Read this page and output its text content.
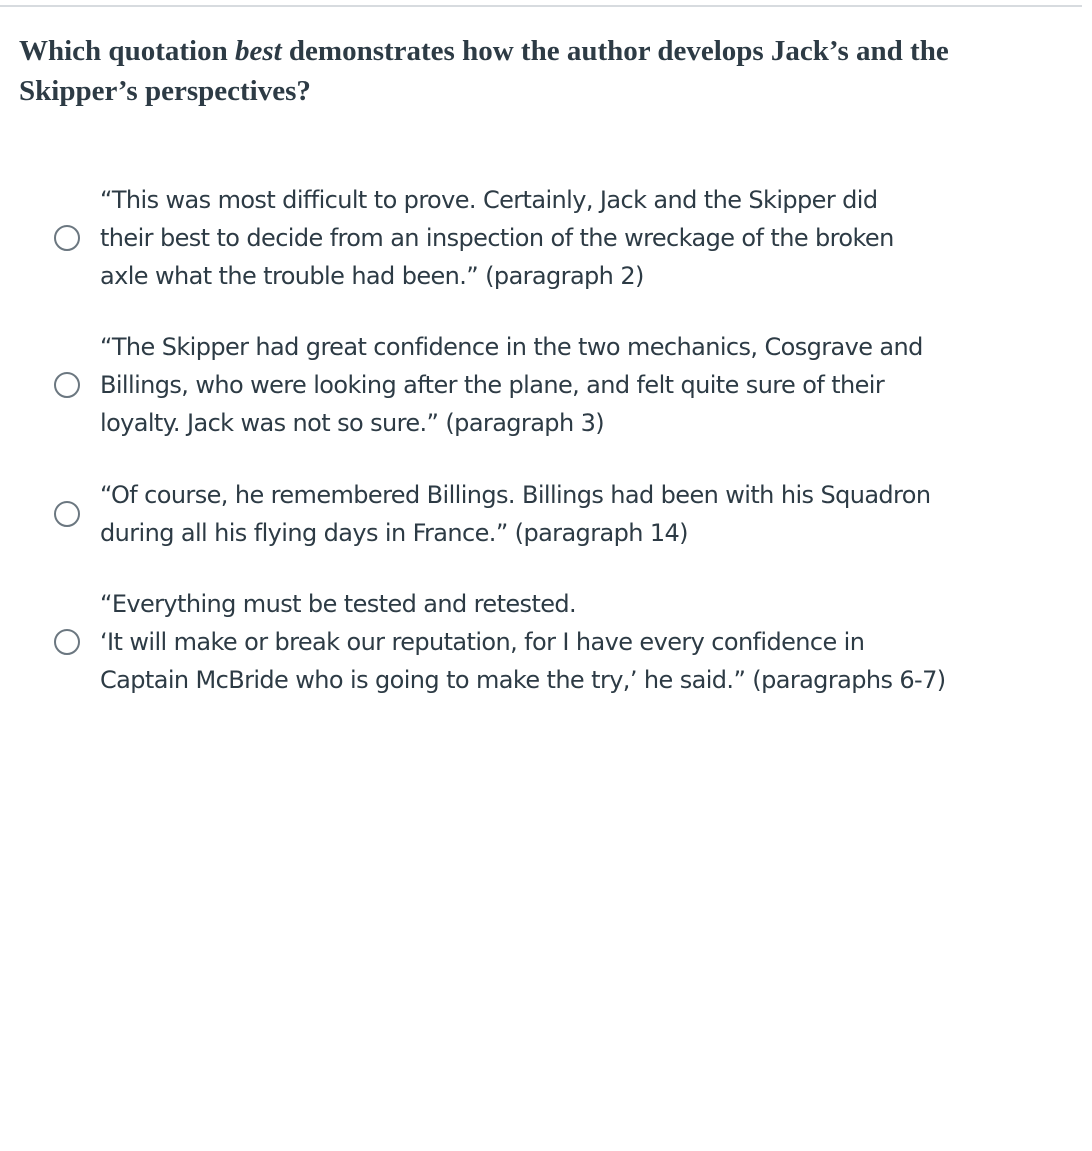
Which quotation best demonstrates how the author develops Jack’s and the Skipper’s perspectives?
“This was most difficult to prove. Certainly, Jack and the Skipper did
their best to decide from an inspection of the wreckage of the broken
axle what the trouble had been.” (paragraph 2)
“The Skipper had great confidence in the two mechanics, Cosgrave and
Billings, who were looking after the plane, and felt quite sure of their
loyalty. Jack was not so sure.” (paragraph 3)
“Of course, he remembered Billings. Billings had been with his Squadron
during all his flying days in France.” (paragraph 14)
“Everything must be tested and retested.
‘It will make or break our reputation, for I have every confidence in
Captain McBride who is going to make the try,’ he said.” (paragraphs 6-7)
